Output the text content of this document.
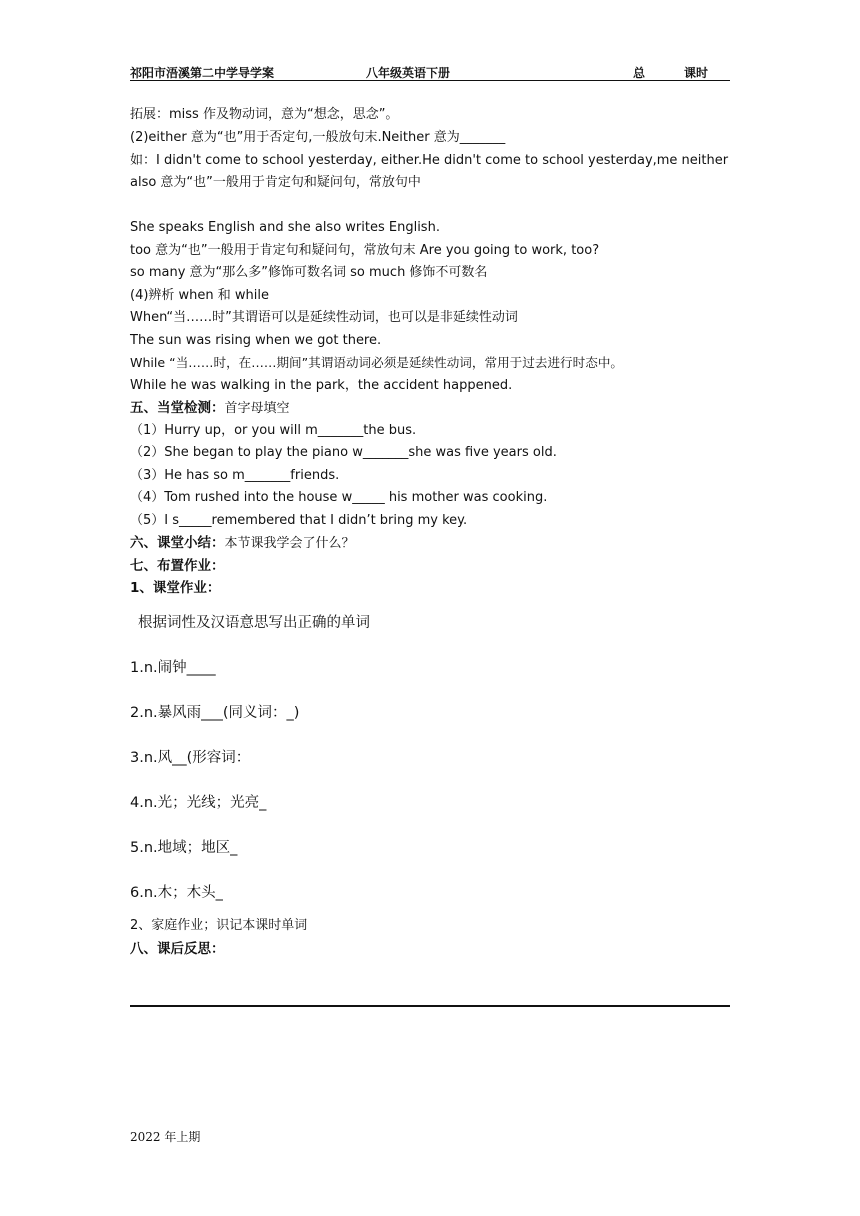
祁阳市浯溪第二中学导学案	八年级英语下册	总	课时
拓展：miss 作及物动词，意为“想念，思念”。
(2)either 意为“也”用于否定句,一般放句末.Neither 意为_______
如：I didn't come to school yesterday, either.He didn't come to school yesterday,me neither
also 意为“也”一般用于肯定句和疑问句，常放句中
She speaks English and she also writes English.
too 意为“也”一般用于肯定句和疑问句，常放句末 Are you going to work, too?
so many 意为“那么多”修饰可数名词 so much 修饰不可数名
(4)辨析 when 和 while
When“当……时”其谓语可以是延续性动词，也可以是非延续性动词
The sun was rising when we got there.
While “当……时，在……期间”其谓语动词必须是延续性动词，常用于过去进行时态中。
While he was walking in the park，the accident happened.
五、当堂检测：首字母填空
（1）Hurry up，or you will m_______the bus.
（2）She began to play the piano w_______she was five years old.
（3）He has so m_______friends.
（4）Tom rushed into the house w_____ his mother was cooking.
（5）I s_____remembered that I didn’t bring my key.
六、课堂小结：本节课我学会了什么？
七、布置作业：
1、课堂作业：
根据词性及汉语意思写出正确的单词
1.n.闹钟____
2.n.暴风雨___(同义词：_)
3.n.风__(形容词：
4.n.光；光线；光亮_
5.n.地域；地区_
6.n.木；木头_
2、家庭作业；识记本课时单词
八、课后反思：
2022 年上期
